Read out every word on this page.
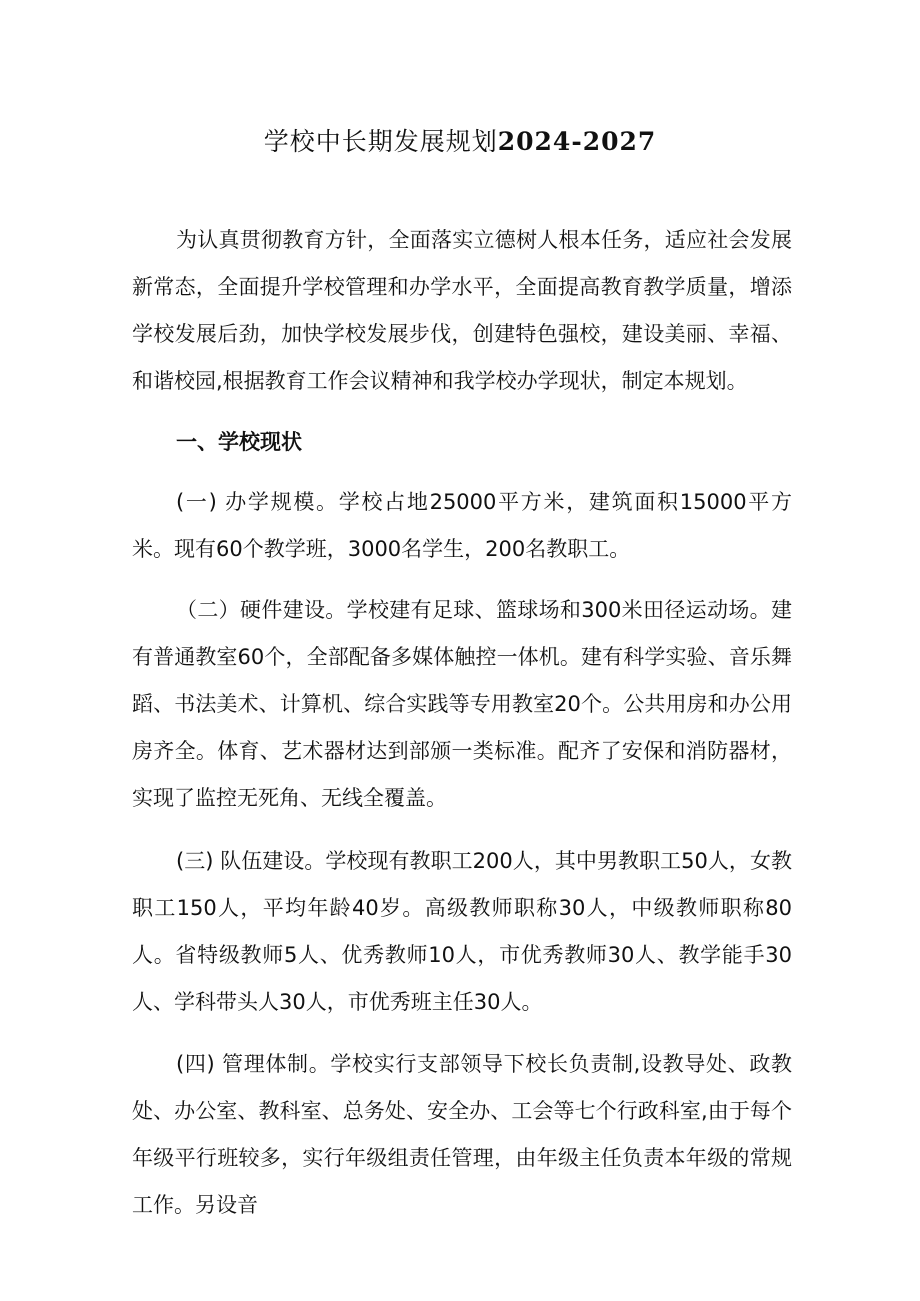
学校中长期发展规划2024-2027

为认真贯彻教育方针，全面落实立德树人根本任务，适应社会发展新常态，全面提升学校管理和办学水平，全面提高教育教学质量，增添学校发展后劲，加快学校发展步伐，创建特色强校，建设美丽、幸福、和谐校园,根据教育工作会议精神和我学校办学现状，制定本规划。

一、学校现状

(一) 办学规模。学校占地25000平方米，建筑面积15000平方米。现有60个教学班，3000名学生，200名教职工。

（二）硬件建设。学校建有足球、篮球场和300米田径运动场。建有普通教室60个，全部配备多媒体触控一体机。建有科学实验、音乐舞蹈、书法美术、计算机、综合实践等专用教室20个。公共用房和办公用房齐全。体育、艺术器材达到部颁一类标准。配齐了安保和消防器材，实现了监控无死角、无线全覆盖。

(三) 队伍建设。学校现有教职工200人，其中男教职工50人，女教职工150人，平均年龄40岁。高级教师职称30人，中级教师职称80人。省特级教师5人、优秀教师10人，市优秀教师30人、教学能手30人、学科带头人30人，市优秀班主任30人。

(四) 管理体制。学校实行支部领导下校长负责制,设教导处、政教处、办公室、教科室、总务处、安全办、工会等七个行政科室,由于每个年级平行班较多，实行年级组责任管理，由年级主任负责本年级的常规工作。另设音
